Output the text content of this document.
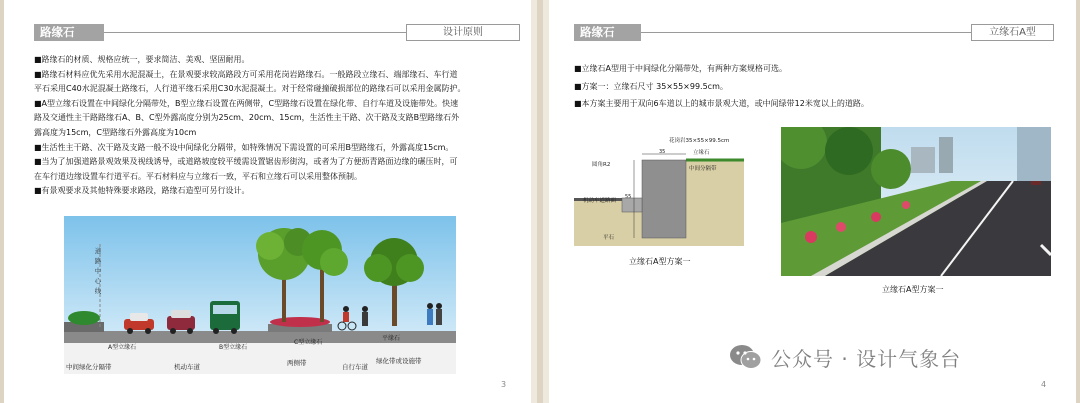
路缘石	设计原则

■路缘石的材质、规格应统一，要求简洁、美观、坚固耐用。

■路缘石材料应优先采用水泥混凝土，在景观要求较高路段方可采用花岗岩路缘石。一般路段立缘石、端部缘石、车行道

平石采用C40水泥混凝土路缘石，人行道平缘石采用C30水泥混凝土。对于经常碰撞破损部位的路缘石可以采用金属防护。

■A型立缘石设置在中间绿化分隔带处，B型立缘石设置在两侧带，C型路缘石设置在绿化带、自行车道及设施带处。快速

路及交通性主干路路缘石A、B、C型外露高度分别为25cm、20cm、15cm，生活性主干路、次干路及支路B型路缘石外

露高度为15cm，C型路缘石外露高度为10cm

■生活性主干路、次干路及支路一般不设中间绿化分隔带，如特殊情况下需设置的可采用B型路缘石，外露高度15cm。

■当为了加强道路景观效果及视线诱导，或道路坡度较平缓需设置锯齿形街沟，或者为了方便沥青路面边缘的碾压时，可

在车行道边缘设置车行道平石。平石材料应与立缘石一致，平石和立缘石可以采用整体预制。

■有景观要求及其他特殊要求路段，路缘石造型可另行设计。

道
路
中
心
线
A型立缘石	B型立缘石
C型立缘石
平缘石
中间绿化分隔带	机动车道	两侧带	自行车道
绿化带或设施带
3
路缘石	立缘石A型

■立缘石A型用于中间绿化分隔带处，有两种方案规格可选。

■方案一：立缘石尺寸 35×55×99.5cm。

■本方案主要用于双向6车道以上的城市景观大道，或中间绿带12米宽以上的道路。

花岗岩35×55×99.5cm
立缘石
中间分隔带
圆角R2
机动车道路面
平石
35
55
立缘石A型方案一
立缘石A型方案一
4
公众号 · 设计气象台
